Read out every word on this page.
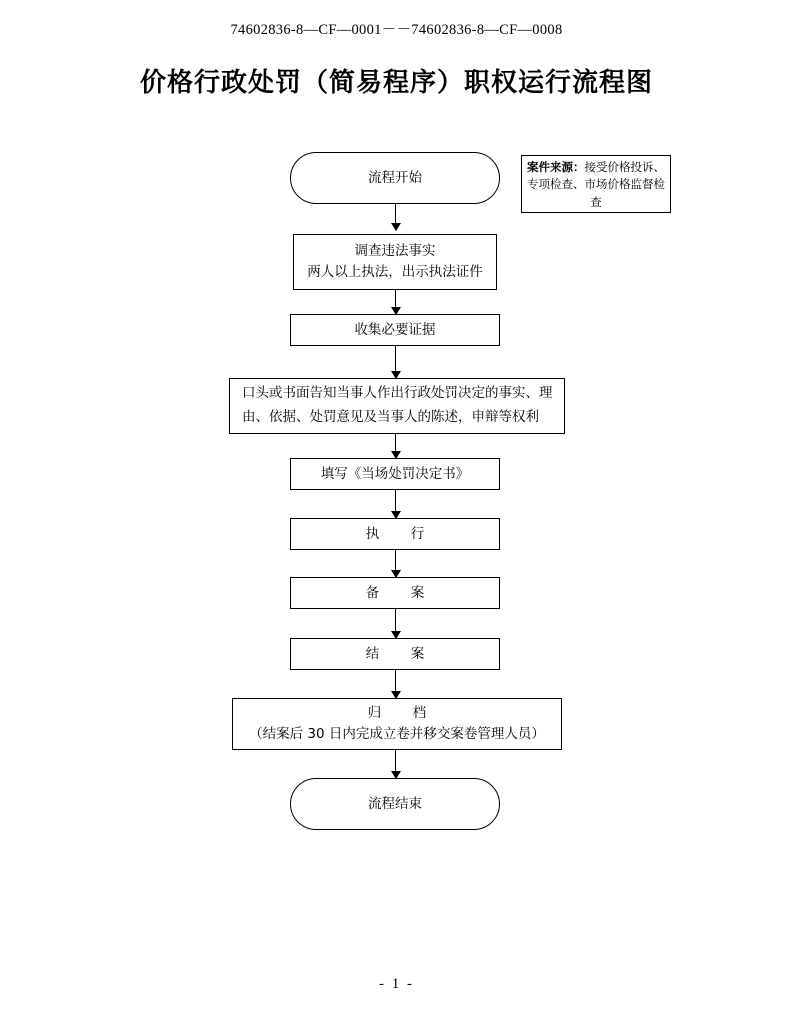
74602836-8—CF—0001－－74602836-8—CF—0008
价格行政处罚（简易程序）职权运行流程图
流程开始
案件来源：接受价格投诉、专项检查、市场价格监督检查
调查违法事实
两人以上执法，出示执法证件
收集必要证据
口头或书面告知当事人作出行政处罚决定的事实、理
由、依据、处罚意见及当事人的陈述，申辩等权利
填写《当场处罚决定书》
执　行
备　案
结　案
归　档
（结案后 30 日内完成立卷并移交案卷管理人员）
流程结束
- 1 -
